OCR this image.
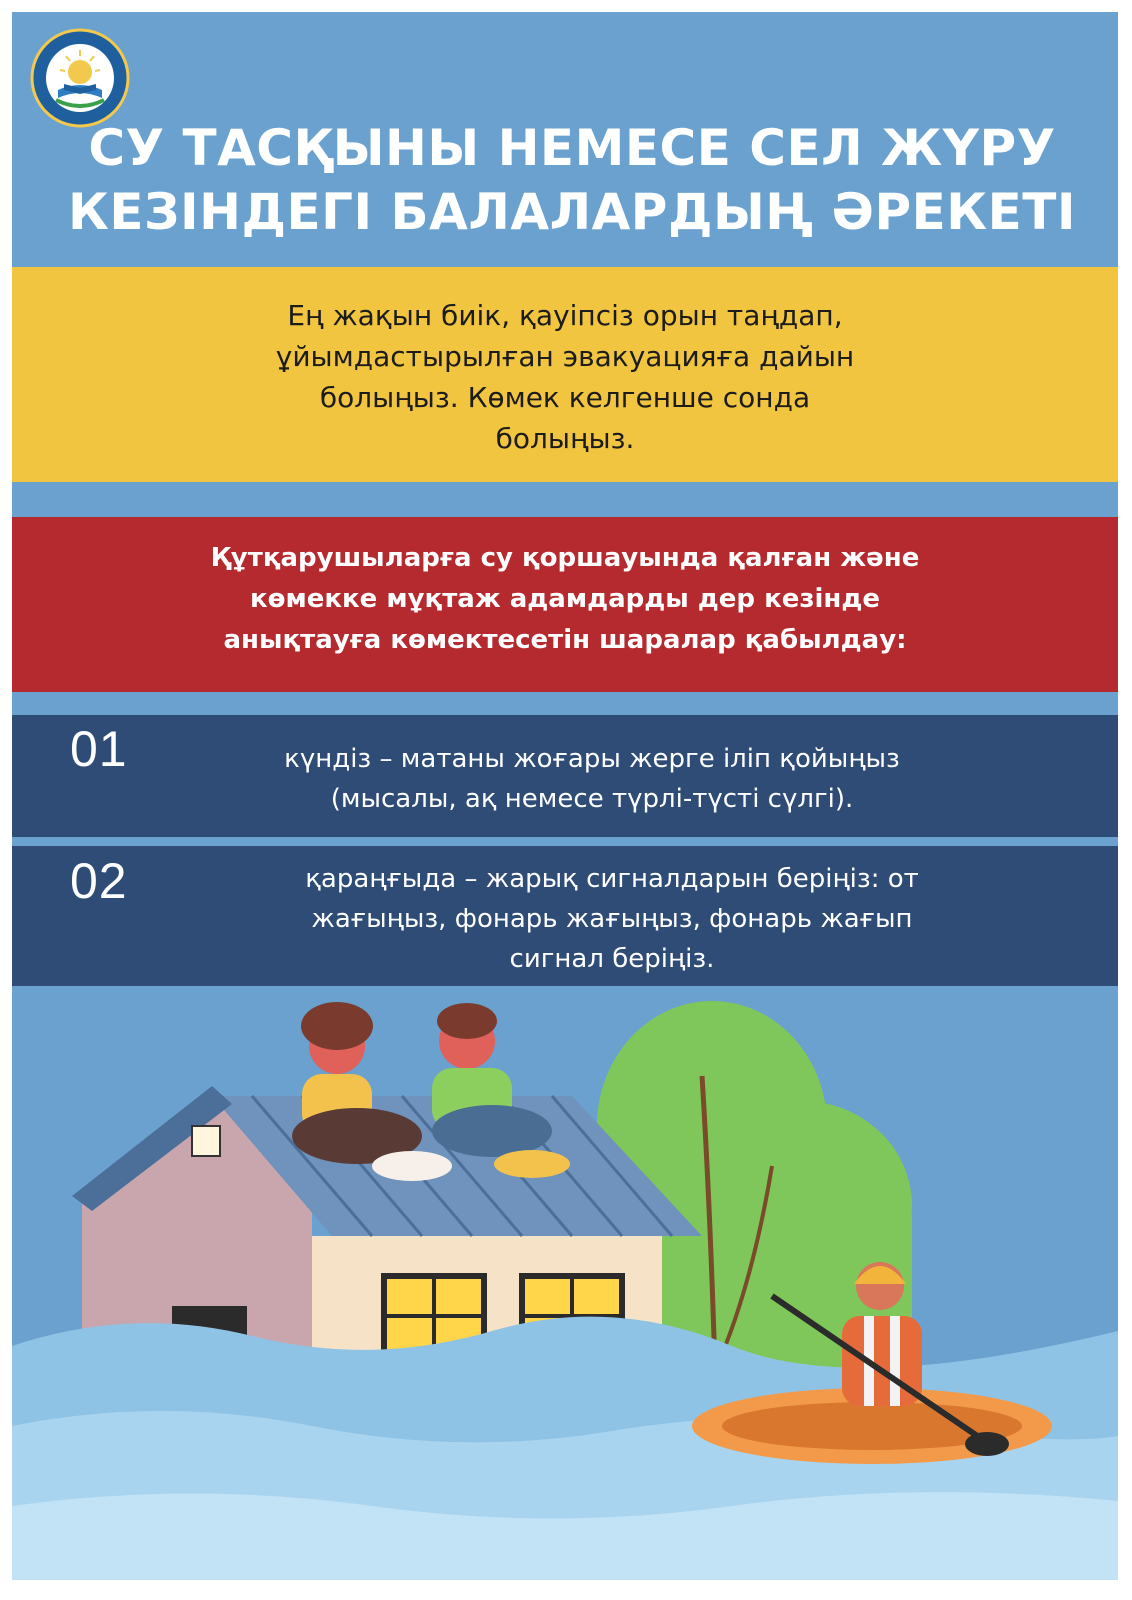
СУ ТАСҚЫНЫ НЕМЕСЕ СЕЛ ЖҮРУ
КЕЗІНДЕГІ БАЛАЛАРДЫҢ ӘРЕКЕТІ
Ең жақын биік, қауіпсіз орын таңдап,
ұйымдастырылған эвакуацияға дайын
болыңыз. Көмек келгенше сонда
болыңыз.
Құтқарушыларға су қоршауында қалған және
көмекке мұқтаж адамдарды дер кезінде
анықтауға көмектесетін шаралар қабылдау:
01	күндіз – матаны жоғары жерге іліп қойыңыз
(мысалы, ақ немесе түрлі-түсті сүлгі).
02	қараңғыда – жарық сигналдарын беріңіз: от
жағыңыз, фонарь жағыңыз, фонарь жағып
сигнал беріңіз.
